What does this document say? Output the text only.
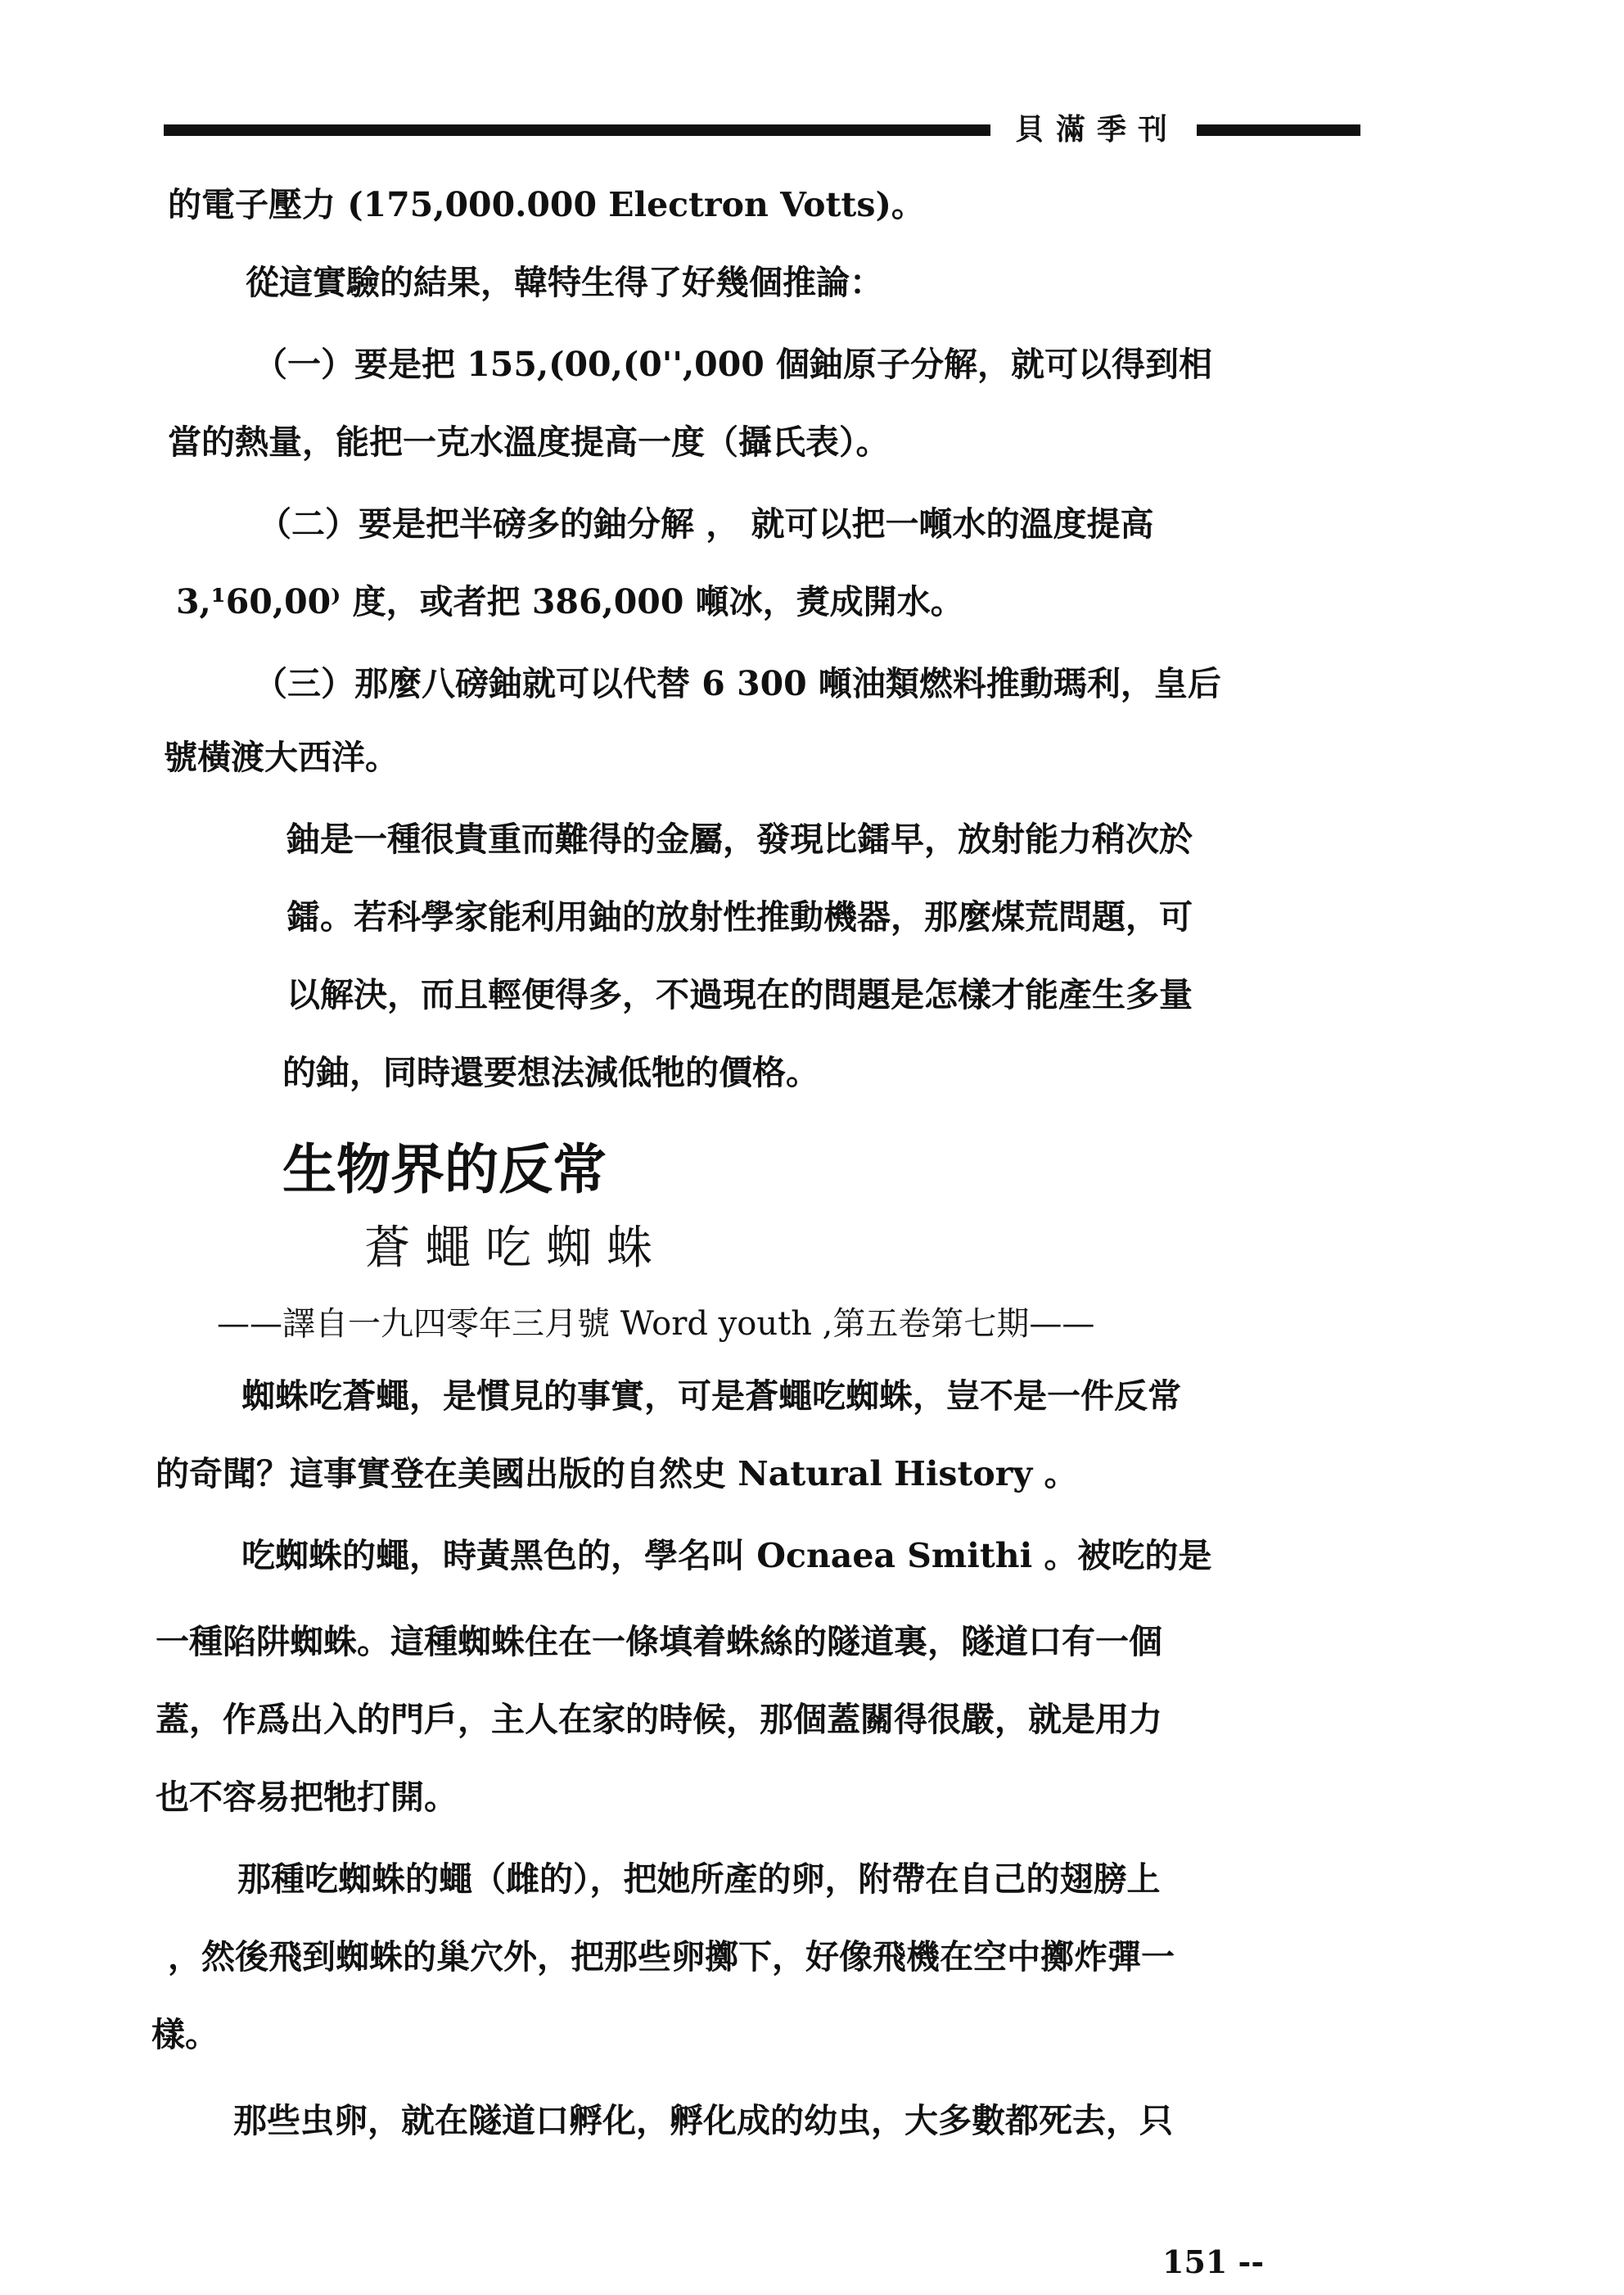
貝滿季刊
的電子壓力 (175,000.000 Electron Votts)。
從這實驗的結果，韓特生得了好幾個推論：
（一）要是把 155,(00,(0'',000 個鈾原子分解，就可以得到相
當的熱量，能把一克水溫度提高一度（攝氏表）。
（二）要是把半磅多的鈾分解 ， 就可以把一噸水的溫度提高
3,¹60,00⁾ 度，或者把 386,000 噸冰，煑成開水。
（三）那麼八磅鈾就可以代替 6 300 噸油類燃料推動瑪利，皇后
號橫渡大西洋。
鈾是一種很貴重而難得的金屬，發現比鐳早，放射能力稍次於
鐳。若科學家能利用鈾的放射性推動機器，那麼煤荒問題，可
以解決，而且輕便得多，不過現在的問題是怎樣才能產生多量
的鈾，同時還要想法減低牠的價格。
生物界的反常
蒼蠅吃蜘蛛
——譯自一九四零年三月號 Word youth ,第五卷第七期——
蜘蛛吃蒼蠅，是慣見的事實，可是蒼蠅吃蜘蛛，豈不是一件反常
的奇聞？這事實登在美國出版的自然史 Natural History 。
吃蜘蛛的蠅，時黃黑色的，學名叫 Ocnaea Smithi 。被吃的是
一種陷阱蜘蛛。這種蜘蛛住在一條填着蛛絲的隧道裏，隧道口有一個
蓋，作爲出入的門戶，主人在家的時候，那個蓋關得很嚴，就是用力
也不容易把牠打開。
那種吃蜘蛛的蠅（雌的），把她所產的卵，附帶在自己的翅膀上
，然後飛到蜘蛛的巢穴外，把那些卵擲下，好像飛機在空中擲炸彈一
樣。
那些虫卵，就在隧道口孵化，孵化成的幼虫，大多數都死去，只
151 --
